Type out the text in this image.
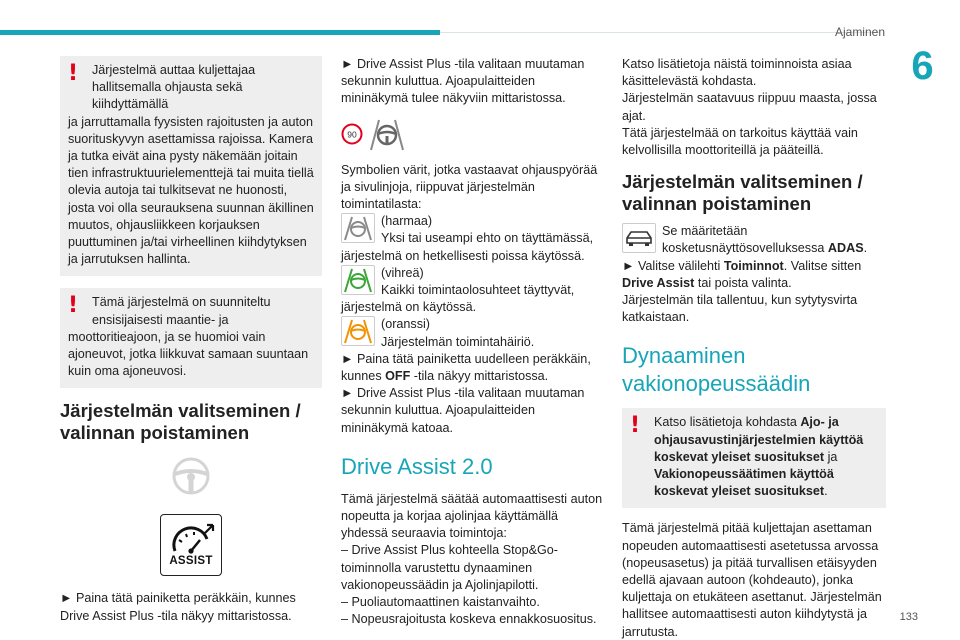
Ajaminen
6
133
!	Järjestelmä auttaa kuljettajaa hallitsemalla ohjausta sekä kiihdyttämällä
ja jarruttamalla fyysisten rajoitusten ja auton suorituskyvyn asettamissa rajoissa. Kamera ja tutka eivät aina pysty näkemään joitain tien infrastruktuurielementtejä tai muita tiellä olevia autoja tai tulkitsevat ne huonosti, josta voi olla seurauksena suunnan äkillinen muutos, ohjausliikkeen korjauksen puuttuminen ja/tai virheellinen kiihdytyksen ja jarrutuksen hallinta.
!	Tämä järjestelmä on suunniteltu ensisijaisesti maantie- ja
moottoritieajoon, ja se huomioi vain ajoneuvot, jotka liikkuvat samaan suuntaan kuin oma ajoneuvosi.
Järjestelmän valitseminen / valinnan poistaminen
ASSIST

► Paina tätä painiketta peräkkäin, kunnes Drive Assist Plus -tila näkyy mittaristossa.

► Drive Assist Plus -tila valitaan muutaman sekunnin kuluttua. Ajoapulaitteiden mininäkymä tulee näkyviin mittaristossa.

90

Symbolien värit, jotka vastaavat ohjauspyörää ja sivulinjoja, riippuvat järjestelmän toimintatilasta:

(harmaa)
Yksi tai useampi ehto on täyttämässä, järjestelmä on hetkellisesti poissa käytössä.
(vihreä)
Kaikki toimintaolosuhteet täyttyvät, järjestelmä on käytössä.
(oranssi)
Järjestelmän toimintahäiriö.

► Paina tätä painiketta uudelleen peräkkäin, kunnes OFF -tila näkyy mittaristossa.

► Drive Assist Plus -tila valitaan muutaman sekunnin kuluttua. Ajoapulaitteiden mininäkymä katoaa.

Drive Assist 2.0

Tämä järjestelmä säätää automaattisesti auton nopeutta ja korjaa ajolinjaa käyttämällä yhdessä seuraavia toimintoja:

– Drive Assist Plus kohteella Stop&Go-toiminnolla varustettu dynaaminen vakionopeussäädin ja Ajolinjapilotti.

– Puoliautomaattinen kaistanvaihto.

– Nopeusrajoitusta koskeva ennakkosuositus.

Katso lisätietoja näistä toiminnoista asiaa käsittelevästä kohdasta.

Järjestelmän saatavuus riippuu maasta, jossa ajat.

Tätä järjestelmää on tarkoitus käyttää vain kelvollisilla moottoriteillä ja pääteillä.

Järjestelmän valitseminen / valinnan poistaminen
Se määritetään kosketusnäyttösovelluksessa ADAS.

► Valitse välilehti Toiminnot. Valitse sitten Drive Assist tai poista valinta.

Järjestelmän tila tallentuu, kun sytytysvirta katkaistaan.

Dynaaminen vakionopeussäädin
!	Katso lisätietoja kohdasta Ajo- ja ohjausavustinjärjestelmien käyttöä koskevat yleiset suositukset ja Vakionopeussäätimen käyttöä koskevat yleiset suositukset.

Tämä järjestelmä pitää kuljettajan asettaman nopeuden automaattisesti asetetussa arvossa (nopeusasetus) ja pitää turvallisen etäisyyden edellä ajavaan autoon (kohdeauto), jonka kuljettaja on etukäteen asettanut. Järjestelmän hallitsee automaattisesti auton kiihdytystä ja jarrutusta.
